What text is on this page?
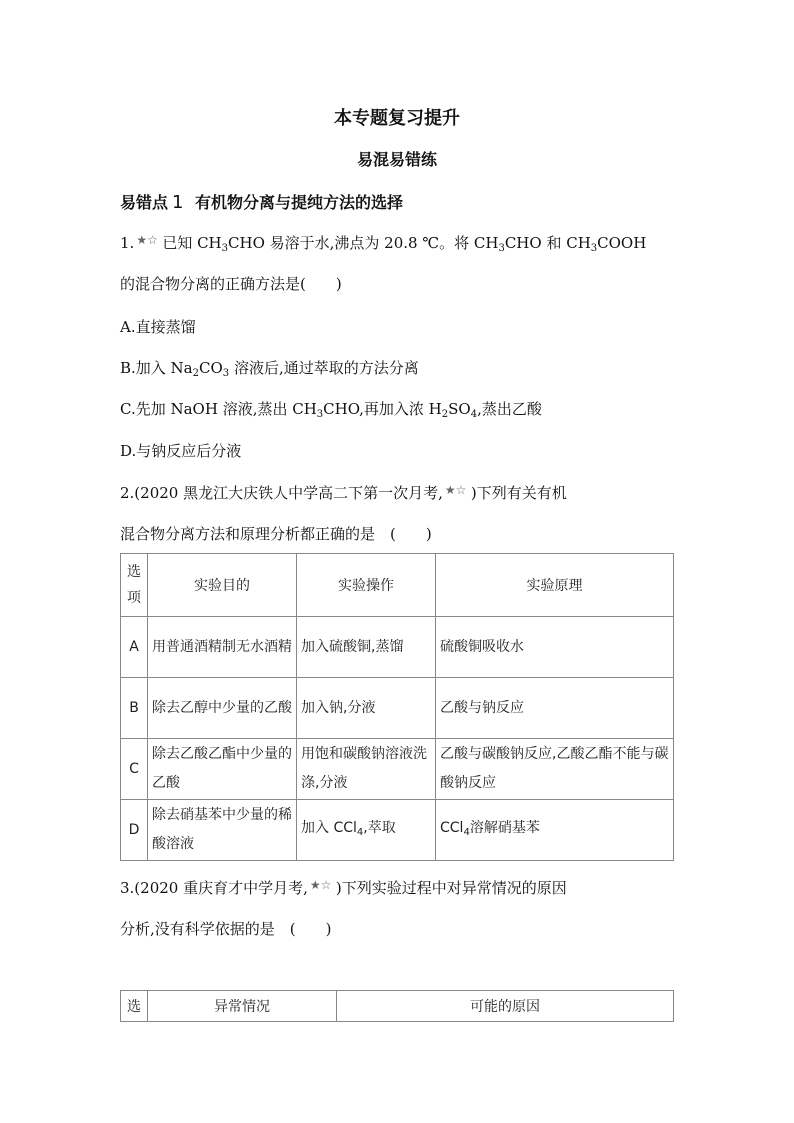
本专题复习提升
易混易错练
易错点 1 有机物分离与提纯方法的选择
1. ★☆ 已知 $CH_3CHO$ 易溶于水,沸点为 20.8 ℃。将 $CH_3CHO$ 和 $CH_3COOH$
的混合物分离的正确方法是(　　)
A.直接蒸馏
B.加入 $Na_2CO_3$ 溶液后,通过萃取的方法分离
C.先加 NaOH 溶液,蒸出 $CH_3CHO$,再加入浓 $H_2SO_4$,蒸出乙酸
D.与钠反应后分液
2.(2020 黑龙江大庆铁人中学高二下第一次月考, ★☆ )下列有关有机
混合物分离方法和原理分析都正确的是　(　　)
选项	实验目的	实验操作	实验原理
A	用普通酒精制无水酒精	加入硫酸铜,蒸馏	硫酸铜吸收水
B	除去乙醇中少量的乙酸	加入钠,分液	乙酸与钠反应
C	除去乙酸乙酯中少量的乙酸	用饱和碳酸钠溶液洗涤,分液	乙酸与碳酸钠反应,乙酸乙酯不能与碳酸钠反应
D	除去硝基苯中少量的稀酸溶液	加入 CCl$_4$,萃取	CCl$_4$溶解硝基苯
3.(2020 重庆育才中学月考, ★☆ )下列实验过程中对异常情况的原因
分析,没有科学依据的是　(　　)
选	异常情况	可能的原因
